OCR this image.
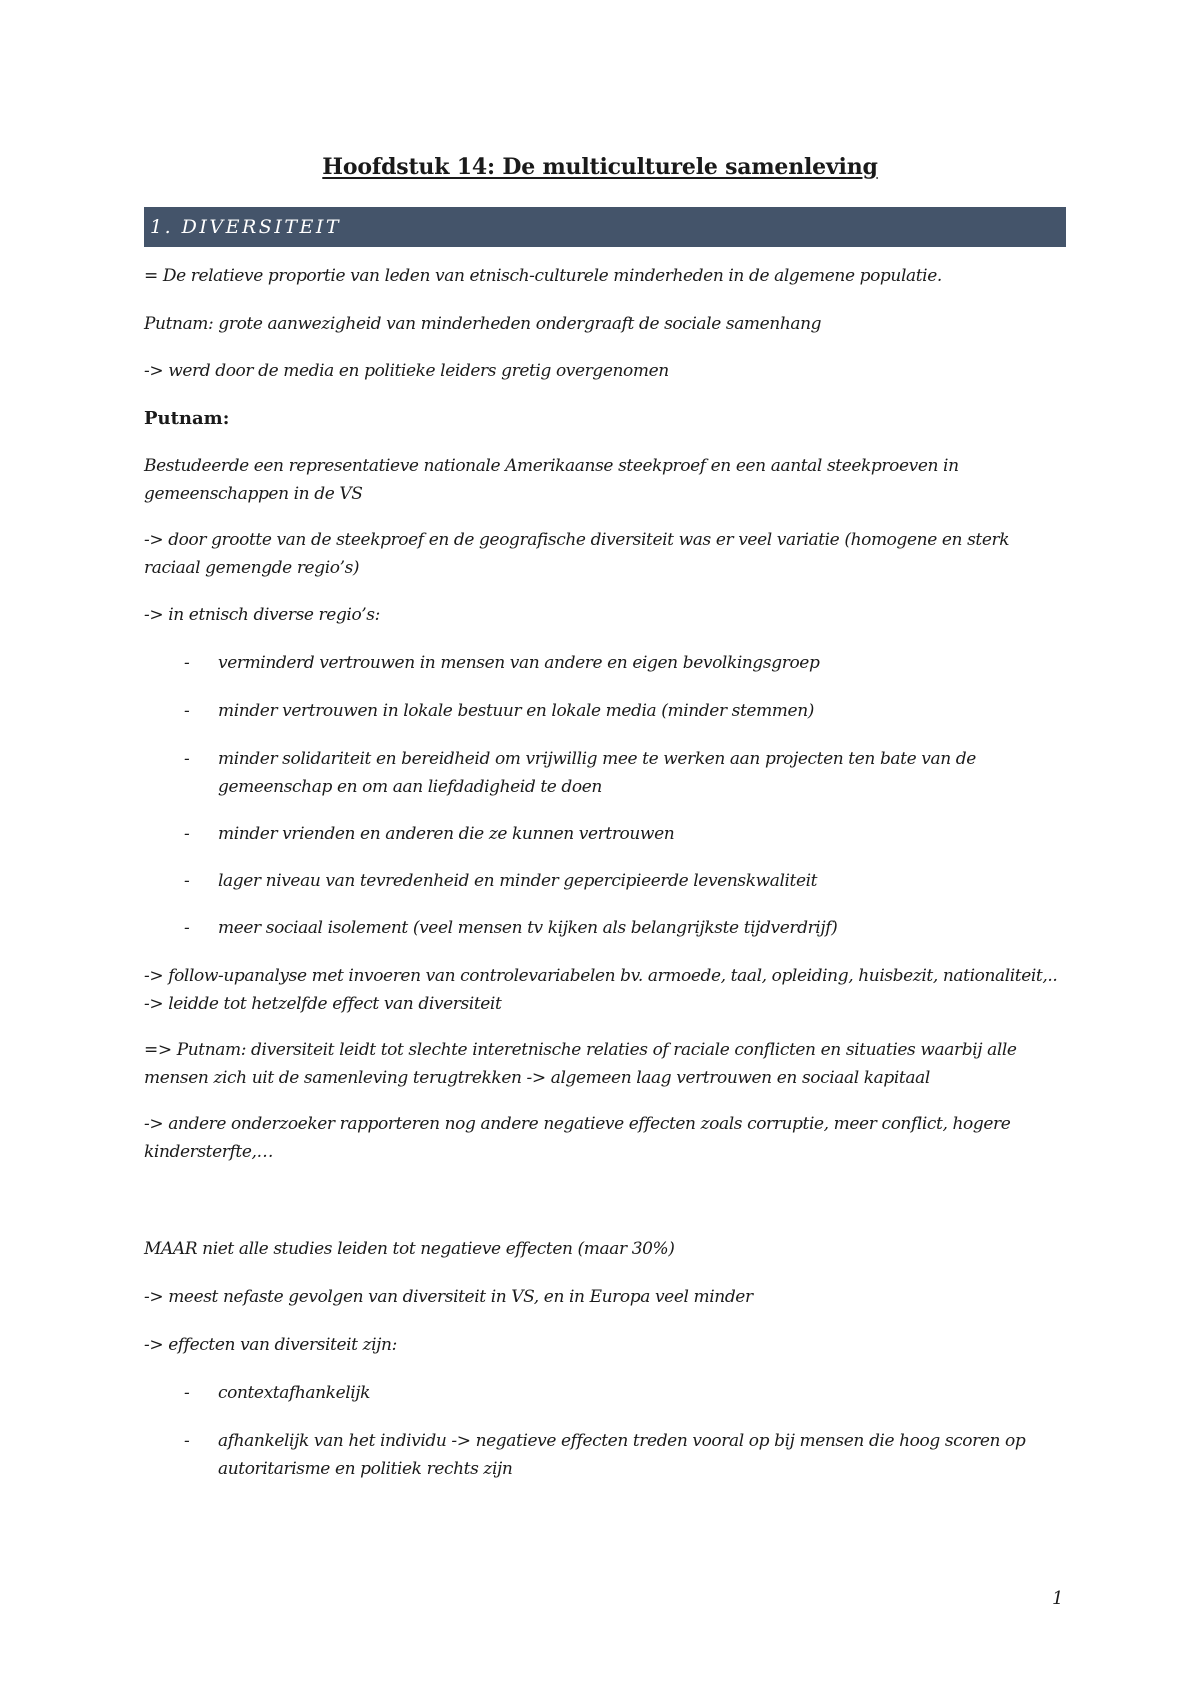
Hoofdstuk 14: De multiculturele samenleving
1. DIVERSITEIT
= De relatieve proportie van leden van etnisch-culturele minderheden in de algemene populatie.
Putnam: grote aanwezigheid van minderheden ondergraaft de sociale samenhang
-> werd door de media en politieke leiders gretig overgenomen
Putnam:
Bestudeerde een representatieve nationale Amerikaanse steekproef en een aantal steekproeven in gemeenschappen in de VS
-> door grootte van de steekproef en de geografische diversiteit was er veel variatie (homogene en sterk raciaal gemengde regio’s)
-> in etnisch diverse regio’s:
- verminderd vertrouwen in mensen van andere en eigen bevolkingsgroep
- minder vertrouwen in lokale bestuur en lokale media (minder stemmen)
- minder solidariteit en bereidheid om vrijwillig mee te werken aan projecten ten bate van de gemeenschap en om aan liefdadigheid te doen
- minder vrienden en anderen die ze kunnen vertrouwen
- lager niveau van tevredenheid en minder gepercipieerde levenskwaliteit
- meer sociaal isolement (veel mensen tv kijken als belangrijkste tijdverdrijf)
-> follow-upanalyse met invoeren van controlevariabelen bv. armoede, taal, opleiding, huisbezit, nationaliteit,.. -> leidde tot hetzelfde effect van diversiteit
=> Putnam: diversiteit leidt tot slechte interetnische relaties of raciale conflicten en situaties waarbij alle mensen zich uit de samenleving terugtrekken -> algemeen laag vertrouwen en sociaal kapitaal
-> andere onderzoeker rapporteren nog andere negatieve effecten zoals corruptie, meer conflict, hogere kindersterfte,…
MAAR niet alle studies leiden tot negatieve effecten (maar 30%)
-> meest nefaste gevolgen van diversiteit in VS, en in Europa veel minder
-> effecten van diversiteit zijn:
- contextafhankelijk
- afhankelijk van het individu -> negatieve effecten treden vooral op bij mensen die hoog scoren op autoritarisme en politiek rechts zijn
1
